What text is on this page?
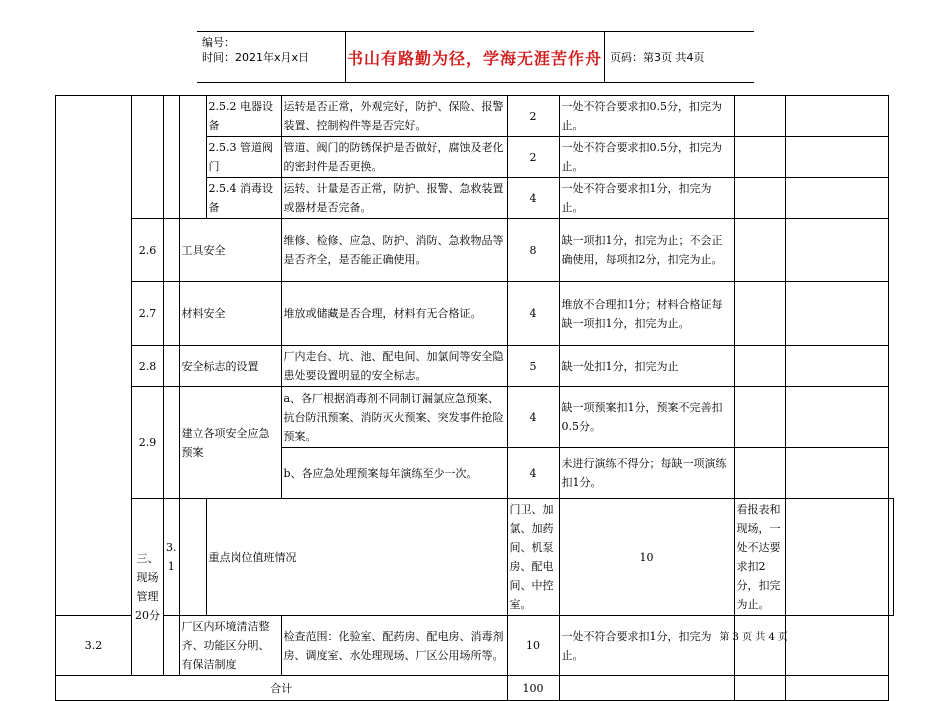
编号：
时间：2021年x月x日	书山有路勤为径，学海无涯苦作舟 页码：第3页 共4页
				2.5.2 电器设备	运转是否正常，外观完好，防护、保险、报警装置、控制构件等是否完好。	2	一处不符合要求扣0.5分，扣完为止。			
				2.5.3 管道阀门	管道、阀门的防锈保护是否做好，腐蚀及老化的密封件是否更换。	2	一处不符合要求扣0.5分，扣完为止。			
				2.5.4 消毒设备	运转、计量是否正常，防护、报警、急救装置或器材是否完备。	4	一处不符合要求扣1分，扣完为止。			
	2.6		工具安全		维修、检修、应急、防护、消防、急救物品等是否齐全，是否能正确使用。	8	缺一项扣1分，扣完为止；不会正确使用，每项扣2分，扣完为止。			
	2.7		材料安全		堆放或储藏是否合理，材料有无合格证。	4	堆放不合理扣1分；材料合格证每缺一项扣1分，扣完为止。			
	2.8		安全标志的设置		厂内走台、坑、池、配电间、加氯间等安全隐患处要设置明显的安全标志。	5	缺一处扣1分，扣完为止			
	2.9		建立各项安全应急预案		a、各厂根据消毒剂不同制订漏氯应急预案、抗台防汛预案、消防灭火预案、突发事件抢险预案。	4	缺一项预案扣1分，预案不完善扣0.5分。			
					b、各应急处理预案每年演练至少一次。	4	未进行演练不得分；每缺一项演练扣1分。			
	三、现场管理20分	3.1		重点岗位值班情况		门卫、加氯、加药间、机泵房、配电间、中控室。	10	看报表和现场，一处不达要求扣2分，扣完为止。		
3.2			厂区内环境清洁整齐、功能区分明、有保洁制度		检查范围：化验室、配药房、配电房、消毒剂房、调度室、水处理现场、厂区公用场所等。	10	一处不符合要求扣1分，扣完为止。			
合计						100				
第 3 页 共 4 页
